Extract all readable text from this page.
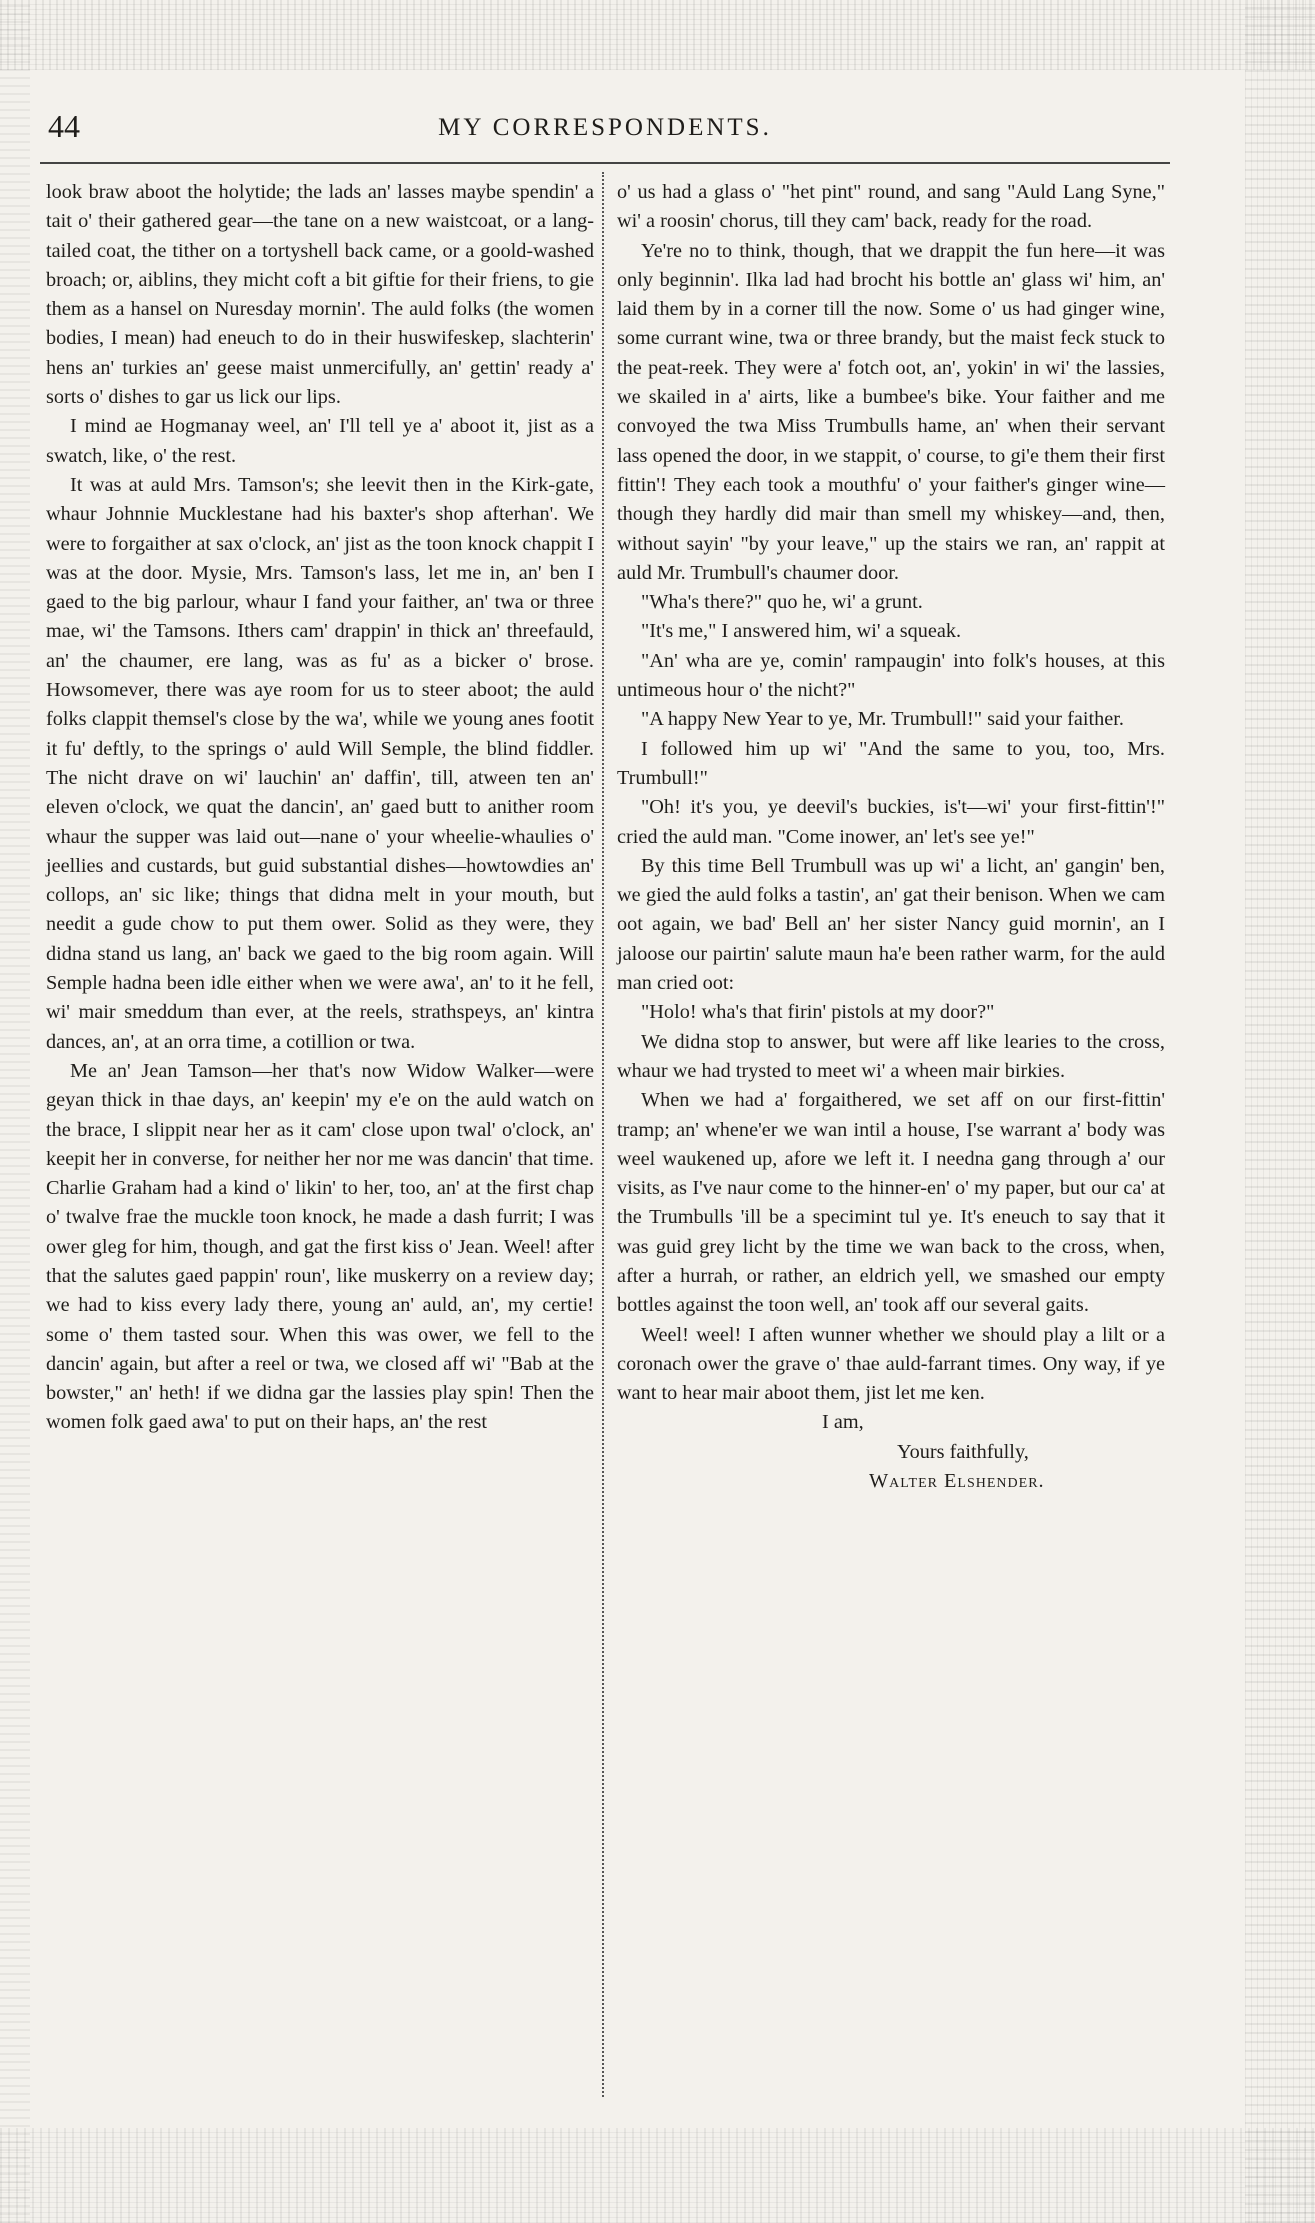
44	MY CORRESPONDENTS.

look braw aboot the holytide; the lads an' lasses maybe spendin' a tait o' their gathered gear—the tane on a new waistcoat, or a lang-tailed coat, the tither on a tortyshell back came, or a goold-washed broach; or, aiblins, they micht coft a bit giftie for their friens, to gie them as a hansel on Nuresday mornin'. The auld folks (the women bodies, I mean) had eneuch to do in their huswifeskep, slachterin' hens an' turkies an' geese maist unmercifully, an' gettin' ready a' sorts o' dishes to gar us lick our lips.

I mind ae Hogmanay weel, an' I'll tell ye a' aboot it, jist as a swatch, like, o' the rest.

It was at auld Mrs. Tamson's; she leevit then in the Kirk-gate, whaur Johnnie Mucklestane had his baxter's shop afterhan'. We were to forgaither at sax o'clock, an' jist as the toon knock chappit I was at the door. Mysie, Mrs. Tamson's lass, let me in, an' ben I gaed to the big parlour, whaur I fand your faither, an' twa or three mae, wi' the Tamsons. Ithers cam' drappin' in thick an' threefauld, an' the chaumer, ere lang, was as fu' as a bicker o' brose. Howsomever, there was aye room for us to steer aboot; the auld folks clappit themsel's close by the wa', while we young anes footit it fu' deftly, to the springs o' auld Will Semple, the blind fiddler. The nicht drave on wi' lauchin' an' daffin', till, atween ten an' eleven o'clock, we quat the dancin', an' gaed butt to anither room whaur the supper was laid out—nane o' your wheelie-whaulies o' jeellies and custards, but guid substantial dishes—howtowdies an' collops, an' sic like; things that didna melt in your mouth, but needit a gude chow to put them ower. Solid as they were, they didna stand us lang, an' back we gaed to the big room again. Will Semple hadna been idle either when we were awa', an' to it he fell, wi' mair smeddum than ever, at the reels, strathspeys, an' kintra dances, an', at an orra time, a cotillion or twa.

Me an' Jean Tamson—her that's now Widow Walker—were geyan thick in thae days, an' keepin' my e'e on the auld watch on the brace, I slippit near her as it cam' close upon twal' o'clock, an' keepit her in converse, for neither her nor me was dancin' that time. Charlie Graham had a kind o' likin' to her, too, an' at the first chap o' twalve frae the muckle toon knock, he made a dash furrit; I was ower gleg for him, though, and gat the first kiss o' Jean. Weel! after that the salutes gaed pappin' roun', like muskerry on a review day; we had to kiss every lady there, young an' auld, an', my certie! some o' them tasted sour. When this was ower, we fell to the dancin' again, but after a reel or twa, we closed aff wi' "Bab at the bowster," an' heth! if we didna gar the lassies play spin! Then the women folk gaed awa' to put on their haps, an' the rest

o' us had a glass o' "het pint" round, and sang "Auld Lang Syne," wi' a roosin' chorus, till they cam' back, ready for the road.

Ye're no to think, though, that we drappit the fun here—it was only beginnin'. Ilka lad had brocht his bottle an' glass wi' him, an' laid them by in a corner till the now. Some o' us had ginger wine, some currant wine, twa or three brandy, but the maist feck stuck to the peat-reek. They were a' fotch oot, an', yokin' in wi' the lassies, we skailed in a' airts, like a bumbee's bike. Your faither and me convoyed the twa Miss Trumbulls hame, an' when their servant lass opened the door, in we stappit, o' course, to gi'e them their first fittin'! They each took a mouthfu' o' your faither's ginger wine—though they hardly did mair than smell my whiskey—and, then, without sayin' "by your leave," up the stairs we ran, an' rappit at auld Mr. Trumbull's chaumer door.

"Wha's there?" quo he, wi' a grunt.

"It's me," I answered him, wi' a squeak.

"An' wha are ye, comin' rampaugin' into folk's houses, at this untimeous hour o' the nicht?"

"A happy New Year to ye, Mr. Trumbull!" said your faither.

I followed him up wi' "And the same to you, too, Mrs. Trumbull!"

"Oh! it's you, ye deevil's buckies, is't—wi' your first-fittin'!" cried the auld man. "Come inower, an' let's see ye!"

By this time Bell Trumbull was up wi' a licht, an' gangin' ben, we gied the auld folks a tastin', an' gat their benison. When we cam oot again, we bad' Bell an' her sister Nancy guid mornin', an I jaloose our pairtin' salute maun ha'e been rather warm, for the auld man cried oot:

"Holo! wha's that firin' pistols at my door?"

We didna stop to answer, but were aff like learies to the cross, whaur we had trysted to meet wi' a wheen mair birkies.

When we had a' forgaithered, we set aff on our first-fittin' tramp; an' whene'er we wan intil a house, I'se warrant a' body was weel waukened up, afore we left it. I needna gang through a' our visits, as I've naur come to the hinner-en' o' my paper, but our ca' at the Trumbulls 'ill be a specimint tul ye. It's eneuch to say that it was guid grey licht by the time we wan back to the cross, when, after a hurrah, or rather, an eldrich yell, we smashed our empty bottles against the toon well, an' took aff our several gaits.

Weel! weel! I aften wunner whether we should play a lilt or a coronach ower the grave o' thae auld-farrant times. Ony way, if ye want to hear mair aboot them, jist let me ken.

I am,

Yours faithfully,

Walter Elshender.
